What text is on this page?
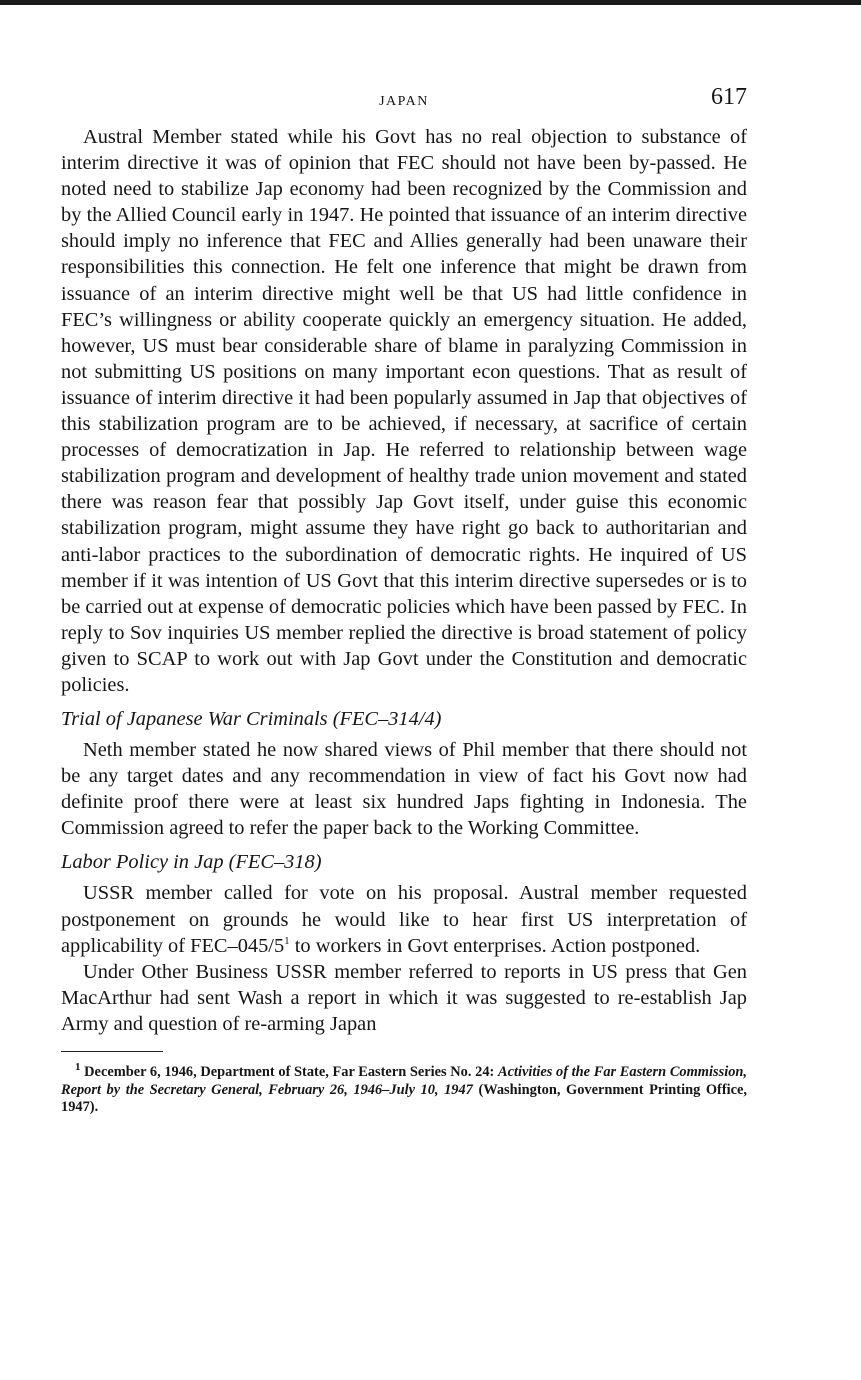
JAPAN	617

Austral Member stated while his Govt has no real objection to substance of interim directive it was of opinion that FEC should not have been by-passed. He noted need to stabilize Jap economy had been recognized by the Commission and by the Allied Council early in 1947. He pointed that issuance of an interim directive should imply no inference that FEC and Allies generally had been unaware their responsibilities this connection. He felt one inference that might be drawn from issuance of an interim directive might well be that US had little confidence in FEC’s willingness or ability cooperate quickly an emergency situation. He added, however, US must bear considerable share of blame in paralyzing Commission in not submitting US positions on many important econ questions. That as result of issuance of interim directive it had been popularly assumed in Jap that objectives of this stabilization program are to be achieved, if necessary, at sacrifice of certain processes of democratization in Jap. He referred to relationship between wage stabilization program and development of healthy trade union movement and stated there was reason fear that possibly Jap Govt itself, under guise this economic stabilization program, might assume they have right go back to authoritarian and anti-labor practices to the subordination of democratic rights. He inquired of US member if it was intention of US Govt that this interim directive supersedes or is to be carried out at expense of democratic policies which have been passed by FEC. In reply to Sov inquiries US member replied the directive is broad statement of policy given to SCAP to work out with Jap Govt under the Constitution and democratic policies.

Trial of Japanese War Criminals (FEC–314/4)

Neth member stated he now shared views of Phil member that there should not be any target dates and any recommendation in view of fact his Govt now had definite proof there were at least six hundred Japs fighting in Indonesia. The Commission agreed to refer the paper back to the Working Committee.

Labor Policy in Jap (FEC–318)

USSR member called for vote on his proposal. Austral member requested postponement on grounds he would like to hear first US interpretation of applicability of FEC–$045/5^1$ to workers in Govt enterprises. Action postponed.

Under Other Business USSR member referred to reports in US press that Gen MacArthur had sent Wash a report in which it was suggested to re-establish Jap Army and question of re-arming Japan

$^1$ December 6, 1946, Department of State, Far Eastern Series No. 24: Activities of the Far Eastern Commission, Report by the Secretary General, February 26, 1946–July 10, 1947 (Washington, Government Printing Office, 1947).
